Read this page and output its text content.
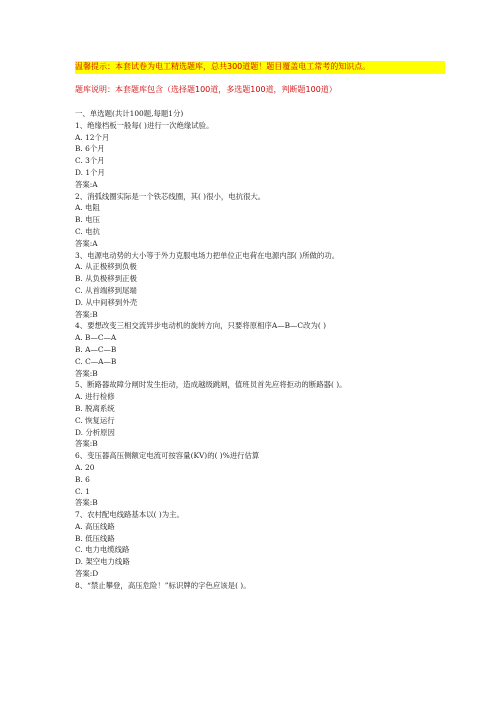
温馨提示：本套试卷为电工精选题库，总共300道题！题目覆盖电工常考的知识点。
题库说明：本套题库包含（选择题100道，多选题100道，判断题100道）
一、单选题(共计100题,每题1分)
1、绝缘档板一般每( )进行一次绝缘试验。
A. 12个月
B. 6个月
C. 3个月
D. 1个月
答案:A
2、消弧线圈实际是一个铁芯线圈，其( )很小，电抗很大。
A. 电阻
B. 电压
C. 电抗
答案:A
3、电源电动势的大小等于外力克服电场力把单位正电荷在电源内部( )所做的功。
A. 从正极移到负极
B. 从负极移到正极
C. 从首端移到尾端
D. 从中间移到外壳
答案:B
4、要想改变三相交流异步电动机的旋转方向，只要将原相序A—B—C改为( )
A. B—C—A
B. A—C—B
C. C—A—B
答案:B
5、断路器故障分闸时发生拒动，造成越级跳闸，值班员首先应将拒动的断路器( )。
A. 进行检修
B. 脱离系统
C. 恢复运行
D. 分析原因
答案:B
6、变压器高压侧额定电流可按容量(KV)的( )%进行估算
A. 20
B. 6
C. 1
答案:B
7、农村配电线路基本以( )为主。
A. 高压线路
B. 低压线路
C. 电力电缆线路
D. 架空电力线路
答案:D
8、“禁止攀登，高压危险！”标识牌的字色应该是( )。
